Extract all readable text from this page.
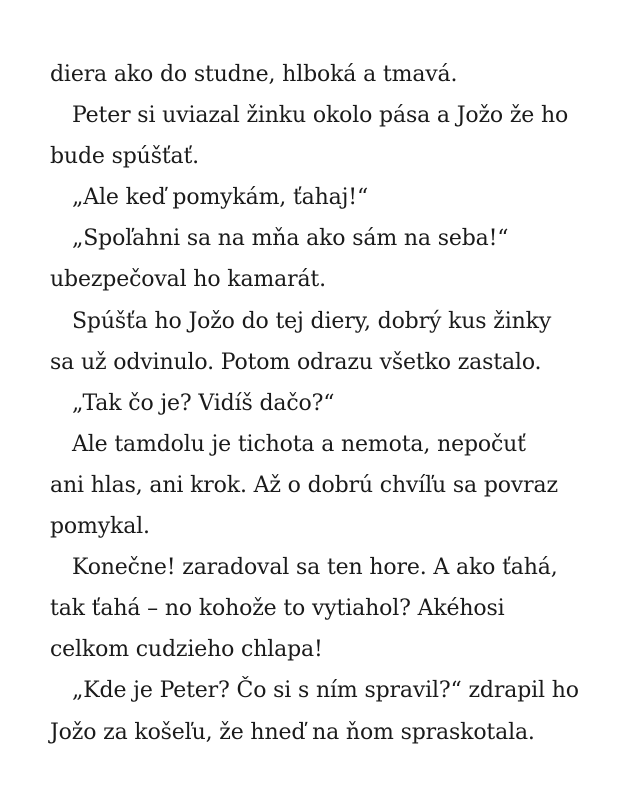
diera ako do studne, hlboká a tmavá.
Peter si uviazal žinku okolo pása a Jožo že ho
bude spúšťať.
„Ale keď pomykám, ťahaj!“
„Spoľahni sa na mňa ako sám na seba!“
ubezpečoval ho kamarát.
Spúšťa ho Jožo do tej diery, dobrý kus žinky
sa už odvinulo. Potom odrazu všetko zastalo.
„Tak čo je? Vidíš dačo?“
Ale tamdolu je tichota a nemota, nepočuť
ani hlas, ani krok. Až o dobrú chvíľu sa povraz
pomykal.
Konečne! zaradoval sa ten hore. A ako ťahá,
tak ťahá – no kohože to vytiahol? Akéhosi
celkom cudzieho chlapa!
„Kde je Peter? Čo si s ním spravil?“ zdrapil ho
Jožo za košeľu, že hneď na ňom spraskotala.
